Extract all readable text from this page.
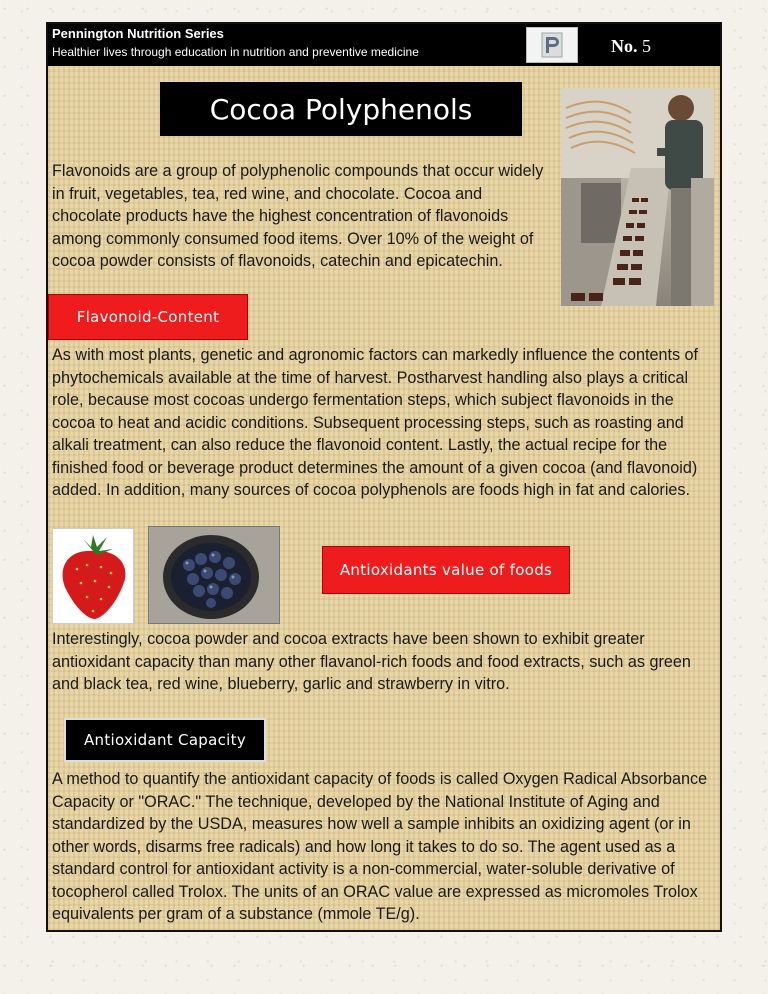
Pennington Nutrition Series
Healthier lives through education in nutrition and preventive medicine	No. 5
Cocoa Polyphenols

Flavonoids are a group of polyphenolic compounds that occur widely in fruit, vegetables, tea, red wine, and chocolate. Cocoa and chocolate products have the highest concentration of flavonoids among commonly consumed food items. Over 10% of the weight of cocoa powder consists of flavonoids, catechin and epicatechin.

Flavonoid-Content

As with most plants, genetic and agronomic factors can markedly influence the contents of phytochemicals available at the time of harvest. Postharvest handling also plays a critical role, because most cocoas undergo fermentation steps, which subject flavonoids in the cocoa to heat and acidic conditions. Subsequent processing steps, such as roasting and alkali treatment, can also reduce the flavonoid content. Lastly, the actual recipe for the finished food or beverage product determines the amount of a given cocoa (and flavonoid) added. In addition, many sources of cocoa polyphenols are foods high in fat and calories.

Antioxidants value of foods

Interestingly, cocoa powder and cocoa extracts have been shown to exhibit greater antioxidant capacity than many other flavanol-rich foods and food extracts, such as green and black tea, red wine, blueberry, garlic and strawberry in vitro.

Antioxidant Capacity

A method to quantify the antioxidant capacity of foods is called Oxygen Radical Absorbance Capacity or "ORAC." The technique, developed by the National Institute of Aging and standardized by the USDA, measures how well a sample inhibits an oxidizing agent (or in other words, disarms free radicals) and how long it takes to do so. The agent used as a standard control for antioxidant activity is a non-commercial, water-soluble derivative of tocopherol called Trolox. The units of an ORAC value are expressed as micromoles Trolox equivalents per gram of a substance (mmole TE/g).
